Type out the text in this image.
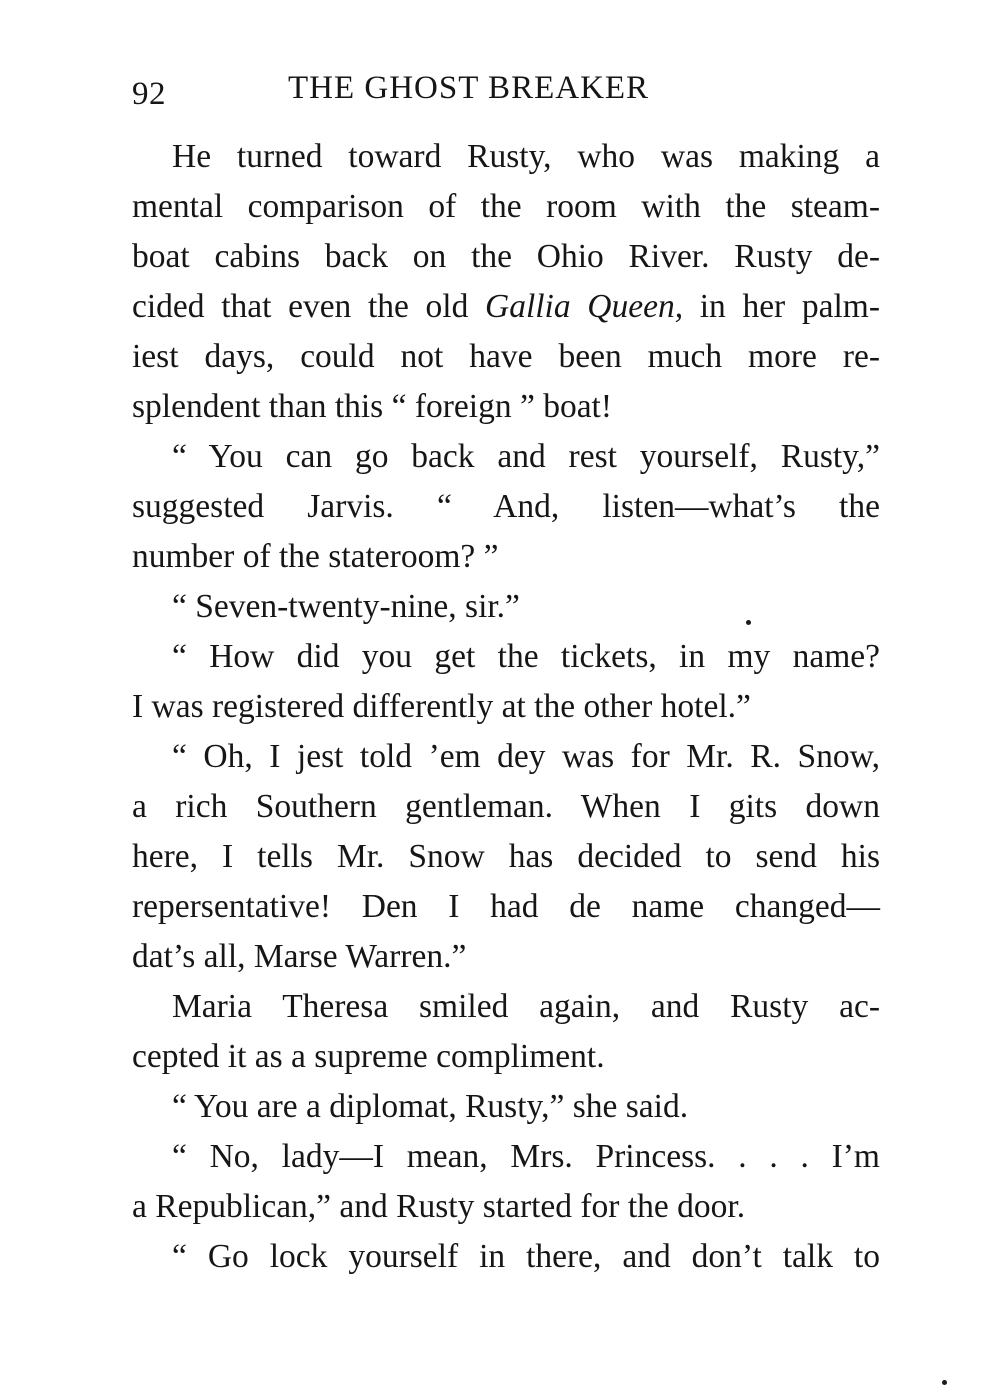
92	THE GHOST BREAKER
He turned toward Rusty, who was making a
mental comparison of the room with the steam-
boat cabins back on the Ohio River. Rusty de-
cided that even the old Gallia Queen, in her palm-
iest days, could not have been much more re-
splendent than this “ foreign ” boat!
“ You can go back and rest yourself, Rusty,”
suggested Jarvis. “ And, listen—what’s the
number of the stateroom? ”
“ Seven-twenty-nine, sir.”
“ How did you get the tickets, in my name?
I was registered differently at the other hotel.”
“ Oh, I jest told ’em dey was for Mr. R. Snow,
a rich Southern gentleman. When I gits down
here, I tells Mr. Snow has decided to send his
repersentative! Den I had de name changed—
dat’s all, Marse Warren.”
Maria Theresa smiled again, and Rusty ac-
cepted it as a supreme compliment.
“ You are a diplomat, Rusty,” she said.
“ No, lady—I mean, Mrs. Princess. . . . I’m
a Republican,” and Rusty started for the door.
“ Go lock yourself in there, and don’t talk to
